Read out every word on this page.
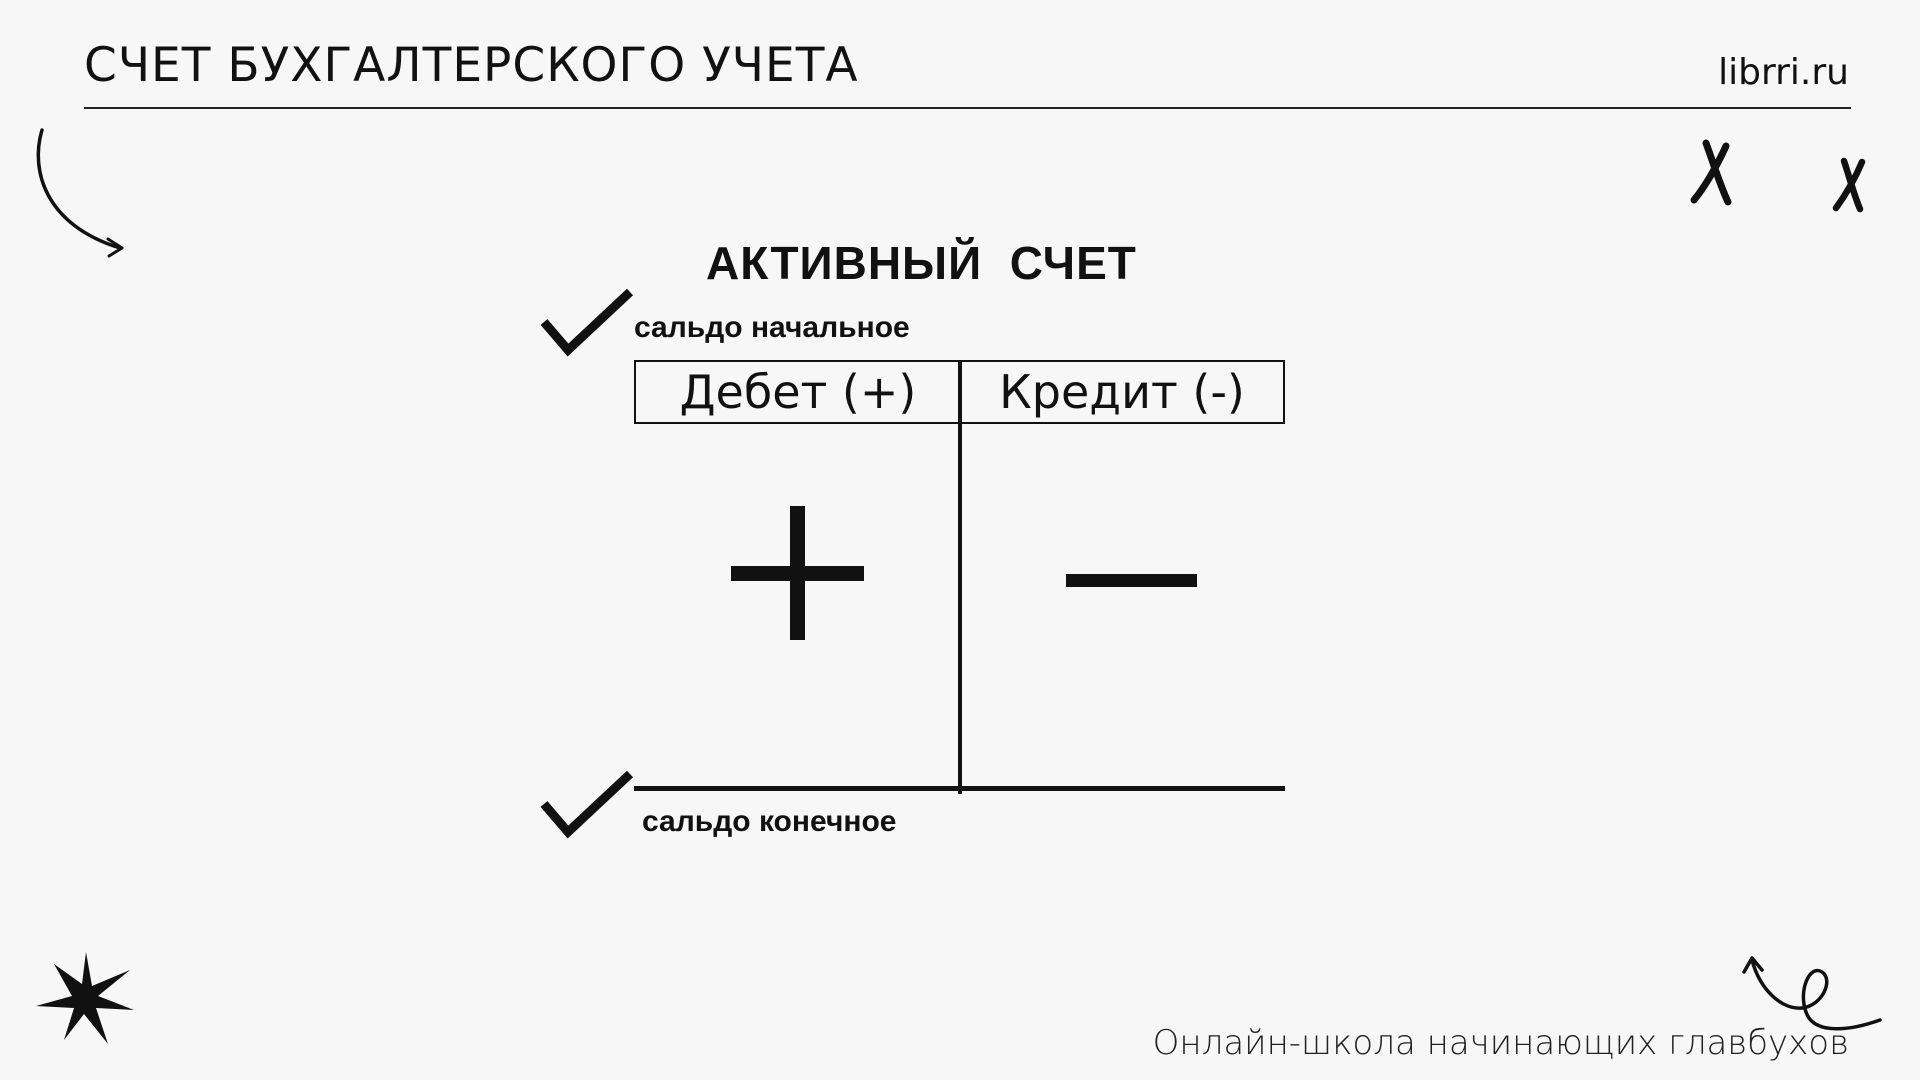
СЧЕТ БУХГАЛТЕРСКОГО УЧЕТА	librri.ru
АКТИВНЫЙ  СЧЕТ
сальдо начальное
Дебет (+)	Кредит (-)
сальдо конечное
Онлайн-школа начинающих главбухов
